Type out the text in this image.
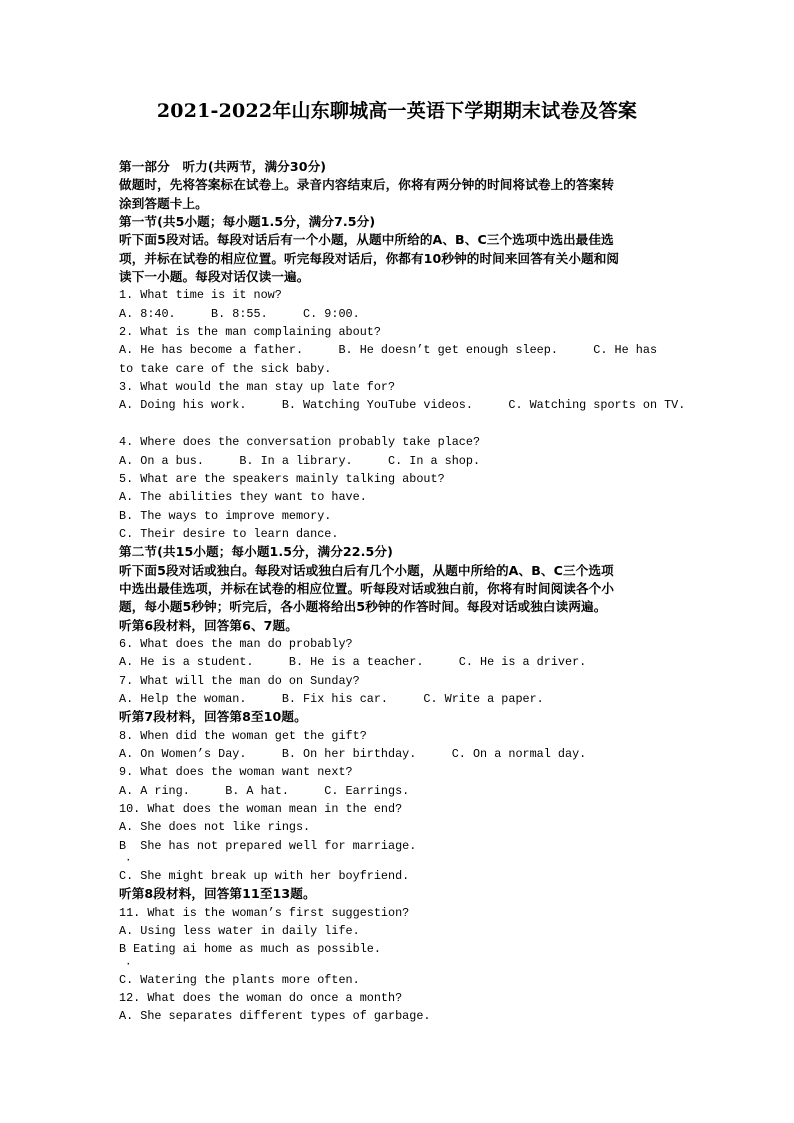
2021-2022年山东聊城高一英语下学期期末试卷及答案
第一部分　听力(共两节，满分30分)
做题时，先将答案标在试卷上。录音内容结束后，你将有两分钟的时间将试卷上的答案转
涂到答题卡上。
第一节(共5小题；每小题1.5分，满分7.5分)
听下面5段对话。每段对话后有一个小题，从题中所给的A、B、C三个选项中选出最佳选
项，并标在试卷的相应位置。听完每段对话后，你都有10秒钟的时间来回答有关小题和阅
读下一小题。每段对话仅读一遍。
1. What time is it now?
A. 8:40.     B. 8:55.     C. 9:00.
2. What is the man complaining about?
A. He has become a father.     B. He doesn’t get enough sleep.     C. He has
to take care of the sick baby.
3. What would the man stay up late for?
A. Doing his work.     B. Watching YouTube videos.     C. Watching sports on TV.
4. Where does the conversation probably take place?
A. On a bus.     B. In a library.     C. In a shop.
5. What are the speakers mainly talking about?
A. The abilities they want to have.
B. The ways to improve memory.
C. Their desire to learn dance.
第二节(共15小题；每小题1.5分，满分22.5分)
听下面5段对话或独白。每段对话或独白后有几个小题，从题中所给的A、B、C三个选项
中选出最佳选项，并标在试卷的相应位置。听每段对话或独白前，你将有时间阅读各个小
题，每小题5秒钟；听完后，各小题将给出5秒钟的作答时间。每段对话或独白读两遍。
听第6段材料，回答第6、7题。
6. What does the man do probably?
A. He is a student.     B. He is a teacher.     C. He is a driver.
7. What will the man do on Sunday?
A. Help the woman.     B. Fix his car.     C. Write a paper.
听第7段材料，回答第8至10题。
8. When did the woman get the gift?
A. On Women’s Day.     B. On her birthday.     C. On a normal day.
9. What does the woman want next?
A. A ring.     B. A hat.     C. Earrings.
10. What does the woman mean in the end?
A. She does not like rings.
B  She has not prepared well for marriage.
·
C. She might break up with her boyfriend.
听第8段材料，回答第11至13题。
11. What is the woman’s first suggestion?
A. Using less water in daily life.
B Eating ai home as much as possible.
·
C. Watering the plants more often.
12. What does the woman do once a month?
A. She separates different types of garbage.
